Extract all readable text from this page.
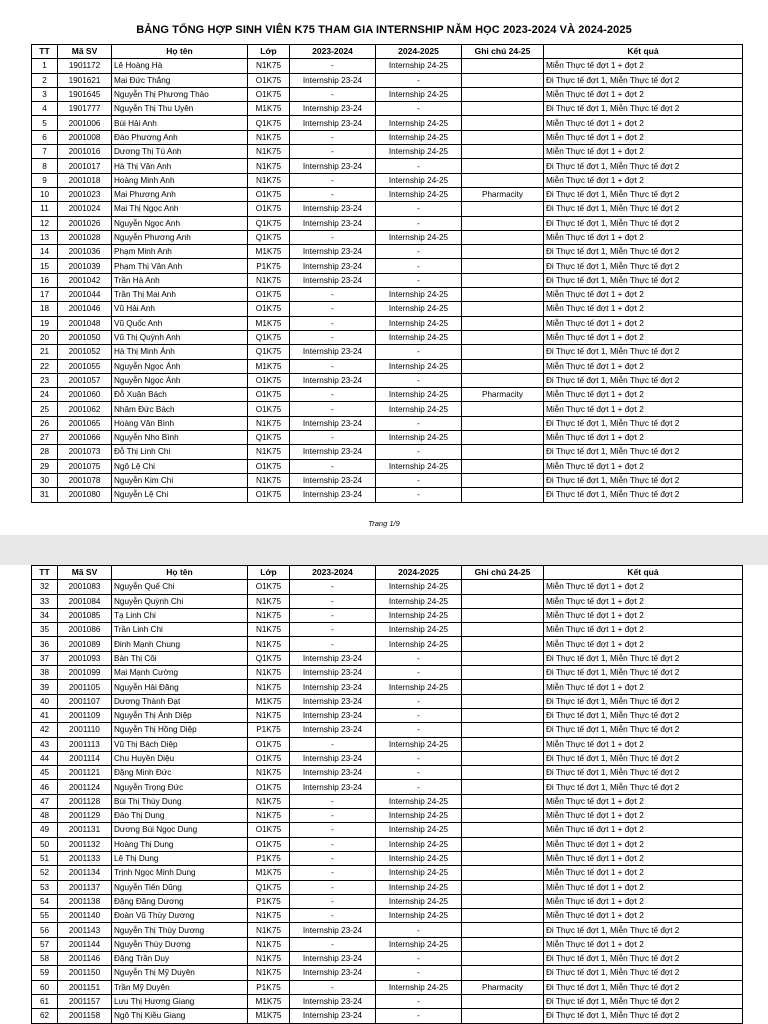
BẢNG TỔNG HỢP SINH VIÊN K75 THAM GIA INTERNSHIP NĂM HỌC 2023-2024 VÀ 2024-2025
TT	Mã SV	Họ tên	Lớp	2023-2024	2024-2025	Ghi chú 24-25	Kết quả
1	1901172	Lê Hoàng Hà	N1K75	-	Internship 24-25		Miễn Thực tế đợt 1 + đợt 2
2	1901621	Mai Đức Thắng	O1K75	Internship 23-24	-		Đi Thực tế đợt 1, Miễn Thực tế đợt 2
3	1901645	Nguyễn Thị Phương Thảo	O1K75	-	Internship 24-25		Miễn Thực tế đợt 1 + đợt 2
4	1901777	Nguyễn Thị Thu Uyên	M1K75	Internship 23-24	-		Đi Thực tế đợt 1, Miễn Thực tế đợt 2
5	2001006	Bùi Hải Anh	Q1K75	Internship 23-24	Internship 24-25		Miễn Thực tế đợt 1 + đợt 2
6	2001008	Đào Phương Anh	N1K75	-	Internship 24-25		Miễn Thực tế đợt 1 + đợt 2
7	2001016	Dương Thị Tú Anh	N1K75	-	Internship 24-25		Miễn Thực tế đợt 1 + đợt 2
8	2001017	Hà Thị Vân Anh	N1K75	Internship 23-24	-		Đi Thực tế đợt 1, Miễn Thực tế đợt 2
9	2001018	Hoàng Minh Anh	N1K75	-	Internship 24-25		Miễn Thực tế đợt 1 + đợt 2
10	2001023	Mai Phương Anh	O1K75	-	Internship 24-25	Pharmacity	Đi Thực tế đợt 1, Miễn Thực tế đợt 2
11	2001024	Mai Thị Ngọc Anh	O1K75	Internship 23-24	-		Đi Thực tế đợt 1, Miễn Thực tế đợt 2
12	2001026	Nguyễn Ngọc Anh	Q1K75	Internship 23-24	-		Đi Thực tế đợt 1, Miễn Thực tế đợt 2
13	2001028	Nguyễn Phương Anh	Q1K75	-	Internship 24-25		Miễn Thực tế đợt 1 + đợt 2
14	2001036	Phạm Minh Anh	M1K75	Internship 23-24	-		Đi Thực tế đợt 1, Miễn Thực tế đợt 2
15	2001039	Phạm Thị Vân Anh	P1K75	Internship 23-24	-		Đi Thực tế đợt 1, Miễn Thực tế đợt 2
16	2001042	Trần Hà Anh	N1K75	Internship 23-24	-		Đi Thực tế đợt 1, Miễn Thực tế đợt 2
17	2001044	Trần Thị Mai Anh	O1K75	-	Internship 24-25		Miễn Thực tế đợt 1 + đợt 2
18	2001046	Vũ Hải Anh	O1K75	-	Internship 24-25		Miễn Thực tế đợt 1 + đợt 2
19	2001048	Vũ Quốc Anh	M1K75	-	Internship 24-25		Miễn Thực tế đợt 1 + đợt 2
20	2001050	Vũ Thị Quỳnh Anh	Q1K75	-	Internship 24-25		Miễn Thực tế đợt 1 + đợt 2
21	2001052	Hà Thị Minh Ánh	Q1K75	Internship 23-24	-		Đi Thực tế đợt 1, Miễn Thực tế đợt 2
22	2001055	Nguyễn Ngọc Ánh	M1K75	-	Internship 24-25		Miễn Thực tế đợt 1 + đợt 2
23	2001057	Nguyễn Ngọc Ánh	O1K75	Internship 23-24	-		Đi Thực tế đợt 1, Miễn Thực tế đợt 2
24	2001060	Đỗ Xuân Bách	O1K75	-	Internship 24-25	Pharmacity	Miễn Thực tế đợt 1 + đợt 2
25	2001062	Nhâm Đức Bách	O1K75	-	Internship 24-25		Miễn Thực tế đợt 1 + đợt 2
26	2001065	Hoàng Văn Bình	N1K75	Internship 23-24	-		Đi Thực tế đợt 1, Miễn Thực tế đợt 2
27	2001066	Nguyễn Nho Bình	Q1K75	-	Internship 24-25		Miễn Thực tế đợt 1 + đợt 2
28	2001073	Đỗ Thị Linh Chi	N1K75	Internship 23-24	-		Đi Thực tế đợt 1, Miễn Thực tế đợt 2
29	2001075	Ngô Lệ Chi	O1K75	-	Internship 24-25		Miễn Thực tế đợt 1 + đợt 2
30	2001078	Nguyễn Kim Chi	N1K75	Internship 23-24	-		Đi Thực tế đợt 1, Miễn Thực tế đợt 2
31	2001080	Nguyễn Lệ Chi	O1K75	Internship 23-24	-		Đi Thực tế đợt 1, Miễn Thực tế đợt 2
Trang 1/9
TT	Mã SV	Họ tên	Lớp	2023-2024	2024-2025	Ghi chú 24-25	Kết quả
32	2001083	Nguyễn Quế Chi	O1K75	-	Internship 24-25		Miễn Thực tế đợt 1 + đợt 2
33	2001084	Nguyễn Quỳnh Chi	N1K75	-	Internship 24-25		Miễn Thực tế đợt 1 + đợt 2
34	2001085	Tạ Linh Chi	N1K75	-	Internship 24-25		Miễn Thực tế đợt 1 + đợt 2
35	2001086	Trần Linh Chi	N1K75	-	Internship 24-25		Miễn Thực tế đợt 1 + đợt 2
36	2001089	Đinh Mạnh Chung	N1K75	-	Internship 24-25		Miễn Thực tế đợt 1 + đợt 2
37	2001093	Bàn Thị Côi	Q1K75	Internship 23-24	-		Đi Thực tế đợt 1, Miễn Thực tế đợt 2
38	2001099	Mai Mạnh Cường	N1K75	Internship 23-24	-		Đi Thực tế đợt 1, Miễn Thực tế đợt 2
39	2001105	Nguyễn Hải Đăng	N1K75	Internship 23-24	Internship 24-25		Miễn Thực tế đợt 1 + đợt 2
40	2001107	Dương Thành Đạt	M1K75	Internship 23-24	-		Đi Thực tế đợt 1, Miễn Thực tế đợt 2
41	2001109	Nguyễn Thị Ánh Diệp	N1K75	Internship 23-24	-		Đi Thực tế đợt 1, Miễn Thực tế đợt 2
42	2001110	Nguyễn Thị Hồng Diệp	P1K75	Internship 23-24	-		Đi Thực tế đợt 1, Miễn Thực tế đợt 2
43	2001113	Vũ Thị Bách Diệp	O1K75	-	Internship 24-25		Miễn Thực tế đợt 1 + đợt 2
44	2001114	Chu Huyền Diệu	O1K75	Internship 23-24	-		Đi Thực tế đợt 1, Miễn Thực tế đợt 2
45	2001121	Đặng Minh Đức	N1K75	Internship 23-24	-		Đi Thực tế đợt 1, Miễn Thực tế đợt 2
46	2001124	Nguyễn Trọng Đức	O1K75	Internship 23-24	-		Đi Thực tế đợt 1, Miễn Thực tế đợt 2
47	2001128	Bùi Thị Thùy Dung	N1K75	-	Internship 24-25		Miễn Thực tế đợt 1 + đợt 2
48	2001129	Đào Thị Dung	N1K75	-	Internship 24-25		Miễn Thực tế đợt 1 + đợt 2
49	2001131	Dương Bùi Ngọc Dung	O1K75	-	Internship 24-25		Miễn Thực tế đợt 1 + đợt 2
50	2001132	Hoàng Thị Dung	O1K75	-	Internship 24-25		Miễn Thực tế đợt 1 + đợt 2
51	2001133	Lê Thị Dung	P1K75	-	Internship 24-25		Miễn Thực tế đợt 1 + đợt 2
52	2001134	Trịnh Ngọc Minh Dung	M1K75	-	Internship 24-25		Miễn Thực tế đợt 1 + đợt 2
53	2001137	Nguyễn Tiến Dũng	Q1K75	-	Internship 24-25		Miễn Thực tế đợt 1 + đợt 2
54	2001138	Đặng Đăng Dương	P1K75	-	Internship 24-25		Miễn Thực tế đợt 1 + đợt 2
55	2001140	Đoàn Vũ Thùy Dương	N1K75	-	Internship 24-25		Miễn Thực tế đợt 1 + đợt 2
56	2001143	Nguyễn Thị Thùy Dương	N1K75	Internship 23-24	-		Đi Thực tế đợt 1, Miễn Thực tế đợt 2
57	2001144	Nguyễn Thùy Dương	N1K75	-	Internship 24-25		Miễn Thực tế đợt 1 + đợt 2
58	2001146	Đặng Trần Duy	N1K75	Internship 23-24	-		Đi Thực tế đợt 1, Miễn Thực tế đợt 2
59	2001150	Nguyễn Thị Mỹ Duyên	N1K75	Internship 23-24	-		Đi Thực tế đợt 1, Miễn Thực tế đợt 2
60	2001151	Trần Mỹ Duyên	P1K75	-	Internship 24-25	Pharmacity	Đi Thực tế đợt 1, Miễn Thực tế đợt 2
61	2001157	Lưu Thị Hương Giang	M1K75	Internship 23-24	-		Đi Thực tế đợt 1, Miễn Thực tế đợt 2
62	2001158	Ngô Thị Kiều Giang	M1K75	Internship 23-24	-		Đi Thực tế đợt 1, Miễn Thực tế đợt 2
